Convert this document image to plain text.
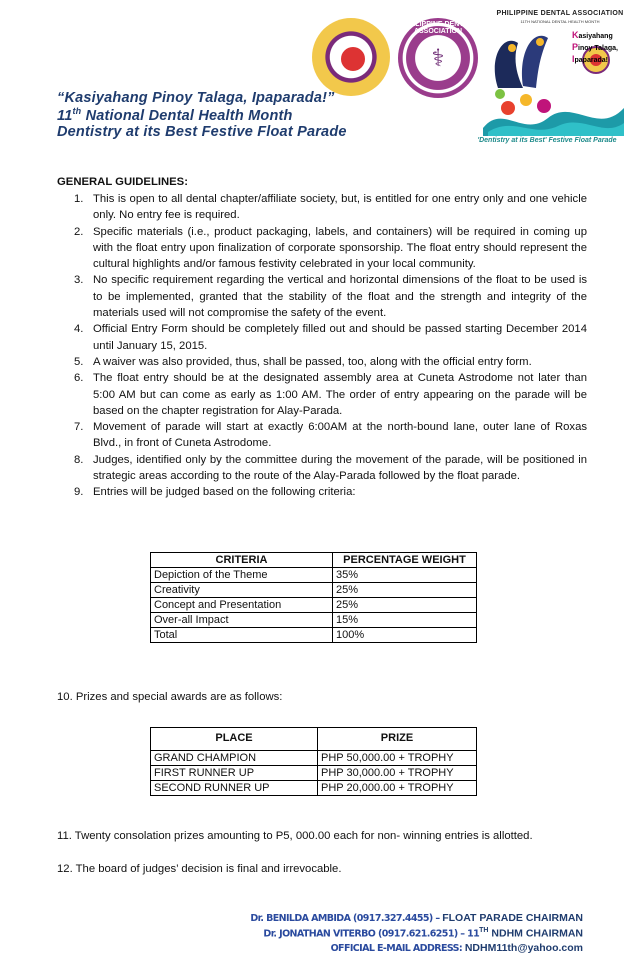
PHILIPPINE DENTAL ASSOCIATION
⚕
PHILIPPINE DENTAL ASSOCIATION
11TH NATIONAL DENTAL HEALTH MONTH
Kasiyahang
Pinoy Talaga,
Ipaparada!
'Dentistry at its Best' Festive Float Parade
“Kasiyahang Pinoy Talaga, Ipaparada!”
11th National Dental Health Month
Dentistry at its Best Festive Float Parade
GENERAL GUIDELINES:
1. This is open to all dental chapter/affiliate society, but, is entitled for one entry only and one vehicle only. No entry fee is required.
2. Specific materials (i.e., product packaging, labels, and containers) will be required in coming up with the float entry upon finalization of corporate sponsorship. The float entry should represent the cultural highlights and/or famous festivity celebrated in your local community.
3. No specific requirement regarding the vertical and horizontal dimensions of the float to be used is to be implemented, granted that the stability of the float and the strength and integrity of the materials used will not compromise the safety of the event.
4. Official Entry Form should be completely filled out and should be passed starting December 2014 until January 15, 2015.
5. A waiver was also provided, thus, shall be passed, too, along with the official entry form.
6. The float entry should be at the designated assembly area at Cuneta Astrodome not later than 5:00 AM but can come as early as 1:00 AM. The order of entry appearing on the parade will be based on the chapter registration for Alay-Parada.
7. Movement of parade will start at exactly 6:00AM at the north-bound lane, outer lane of Roxas Blvd., in front of Cuneta Astrodome.
8. Judges, identified only by the committee during the movement of the parade, will be positioned in strategic areas according to the route of the Alay-Parada followed by the float parade.
9. Entries will be judged based on the following criteria:
CRITERIA	PERCENTAGE WEIGHT
Depiction of the Theme	35%
Creativity	25%
Concept and Presentation	25%
Over-all Impact	15%
Total	100%
10. Prizes and special awards are as follows:
PLACE	PRIZE
GRAND CHAMPION	PHP 50,000.00 + TROPHY
FIRST RUNNER UP	PHP 30,000.00 + TROPHY
SECOND RUNNER UP	PHP 20,000.00 + TROPHY
11. Twenty consolation prizes amounting to P5, 000.00 each for non- winning entries is allotted.
12. The board of judges’ decision is final and irrevocable.
Dr. BENILDA AMBIDA (0917.327.4455) – FLOAT PARADE CHAIRMAN
Dr. JONATHAN VITERBO (0917.621.6251) – 11TH NDHM CHAIRMAN
OFFICIAL E-MAIL ADDRESS: NDHM11th@yahoo.com
